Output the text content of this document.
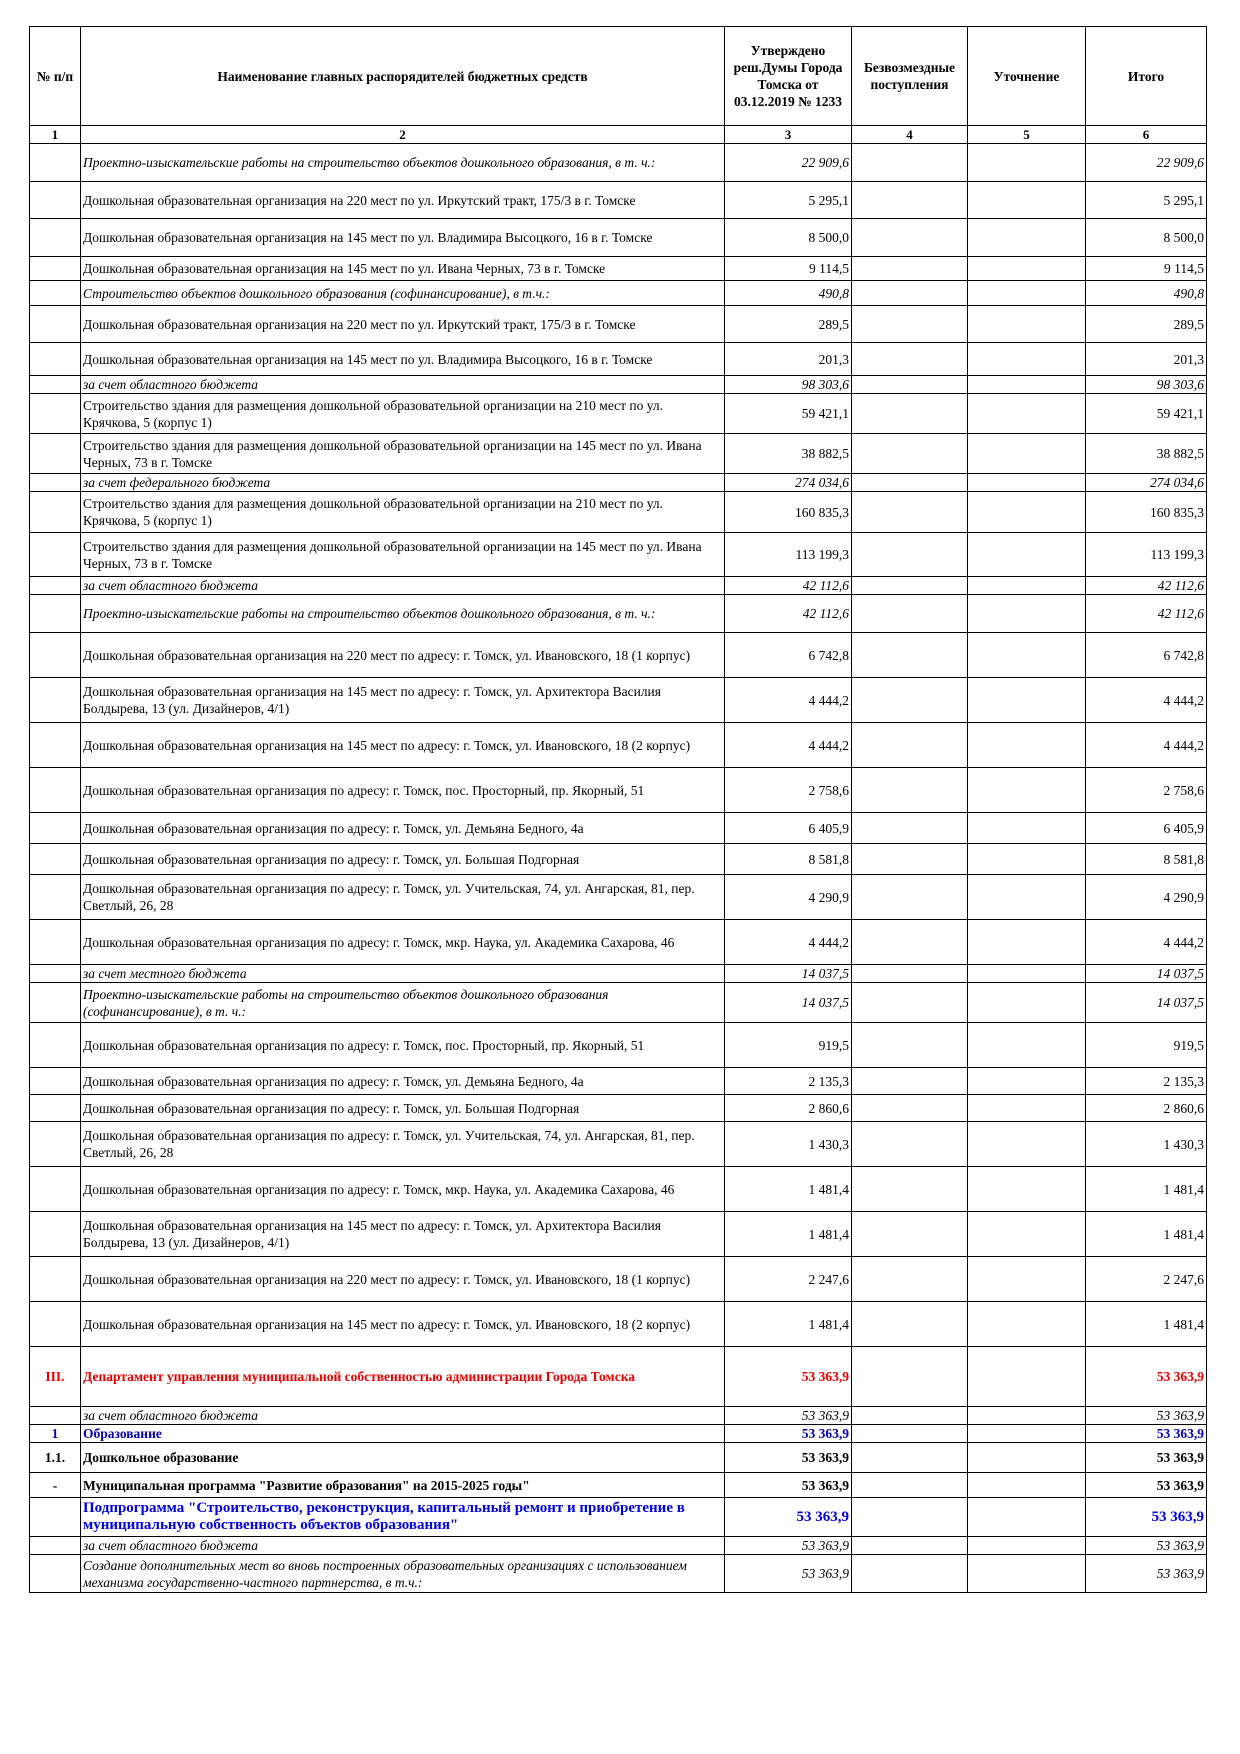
№ п/п	Наименование главных распорядителей бюджетных средств	Утверждено реш.Думы Города Томска от 03.12.2019 № 1233	Безвозмездные поступления	Уточнение	Итого
1	2	3	4	5	6
	Проектно-изыскательские работы на строительство объектов дошкольного образования, в т. ч.:	22 909,6			22 909,6
	Дошкольная образовательная организация на 220 мест по ул. Иркутский тракт, 175/3 в г. Томске	5 295,1			5 295,1
	Дошкольная образовательная организация на 145 мест по ул. Владимира Высоцкого, 16 в г. Томске	8 500,0			8 500,0
	Дошкольная образовательная организация на 145 мест по ул. Ивана Черных, 73 в г. Томске	9 114,5			9 114,5
	Строительство объектов дошкольного образования (софинансирование), в т.ч.:	490,8			490,8
	Дошкольная образовательная организация на 220 мест по ул. Иркутский тракт, 175/3 в г. Томске	289,5			289,5
	Дошкольная образовательная организация на 145 мест по ул. Владимира Высоцкого, 16 в г. Томске	201,3			201,3
	за счет областного бюджета	98 303,6			98 303,6
	Строительство здания для размещения дошкольной образовательной организации на 210 мест по ул. Крячкова, 5 (корпус 1)	59 421,1			59 421,1
	Строительство здания для размещения дошкольной образовательной организации на 145 мест по ул. Ивана Черных, 73 в г. Томске	38 882,5			38 882,5
	за счет федерального бюджета	274 034,6			274 034,6
	Строительство здания для размещения дошкольной образовательной организации на 210 мест по ул. Крячкова, 5 (корпус 1)	160 835,3			160 835,3
	Строительство здания для размещения дошкольной образовательной организации на 145 мест по ул. Ивана Черных, 73 в г. Томске	113 199,3			113 199,3
	за счет областного бюджета	42 112,6			42 112,6
	Проектно-изыскательские работы на строительство объектов дошкольного образования, в т. ч.:	42 112,6			42 112,6
	Дошкольная образовательная организация на 220 мест по адресу: г. Томск, ул. Ивановского, 18 (1 корпус)	6 742,8			6 742,8
	Дошкольная образовательная организация на 145 мест по адресу: г. Томск, ул. Архитектора Василия Болдырева, 13 (ул. Дизайнеров, 4/1)	4 444,2			4 444,2
	Дошкольная образовательная организация на 145 мест по адресу: г. Томск, ул. Ивановского, 18 (2 корпус)	4 444,2			4 444,2
	Дошкольная образовательная организация по адресу: г. Томск, пос. Просторный, пр. Якорный, 51	2 758,6			2 758,6
	Дошкольная образовательная организация по адресу: г. Томск, ул. Демьяна Бедного, 4а	6 405,9			6 405,9
	Дошкольная образовательная организация по адресу: г. Томск, ул. Большая Подгорная	8 581,8			8 581,8
	Дошкольная образовательная организация по адресу: г. Томск, ул. Учительская, 74, ул. Ангарская, 81, пер. Светлый, 26, 28	4 290,9			4 290,9
	Дошкольная образовательная организация по адресу: г. Томск, мкр. Наука, ул. Академика Сахарова, 46	4 444,2			4 444,2
	за счет местного бюджета	14 037,5			14 037,5
	Проектно-изыскательские работы на строительство объектов дошкольного образования (софинансирование), в т. ч.:	14 037,5			14 037,5
	Дошкольная образовательная организация по адресу: г. Томск, пос. Просторный, пр. Якорный, 51	919,5			919,5
	Дошкольная образовательная организация по адресу: г. Томск, ул. Демьяна Бедного, 4а	2 135,3			2 135,3
	Дошкольная образовательная организация по адресу: г. Томск, ул. Большая Подгорная	2 860,6			2 860,6
	Дошкольная образовательная организация по адресу: г. Томск, ул. Учительская, 74, ул. Ангарская, 81, пер. Светлый, 26, 28	1 430,3			1 430,3
	Дошкольная образовательная организация по адресу: г. Томск, мкр. Наука, ул. Академика Сахарова, 46	1 481,4			1 481,4
	Дошкольная образовательная организация на 145 мест по адресу: г. Томск, ул. Архитектора Василия Болдырева, 13 (ул. Дизайнеров, 4/1)	1 481,4			1 481,4
	Дошкольная образовательная организация на 220 мест по адресу: г. Томск, ул. Ивановского, 18 (1 корпус)	2 247,6			2 247,6
	Дошкольная образовательная организация на 145 мест по адресу: г. Томск, ул. Ивановского, 18 (2 корпус)	1 481,4			1 481,4
III.	Департамент управления муниципальной собственностью администрации Города Томска	53 363,9			53 363,9
	за счет областного бюджета	53 363,9			53 363,9
1	Образование	53 363,9			53 363,9
1.1.	Дошкольное образование	53 363,9			53 363,9
-	Муниципальная программа "Развитие образования" на 2015-2025 годы"	53 363,9			53 363,9
	Подпрограмма "Строительство, реконструкция, капитальный ремонт и приобретение в муниципальную собственность объектов образования"	53 363,9			53 363,9
	за счет областного бюджета	53 363,9			53 363,9
	Создание дополнительных мест во вновь построенных образовательных организациях с использованием механизма государственно-частного партнерства, в т.ч.:	53 363,9			53 363,9
